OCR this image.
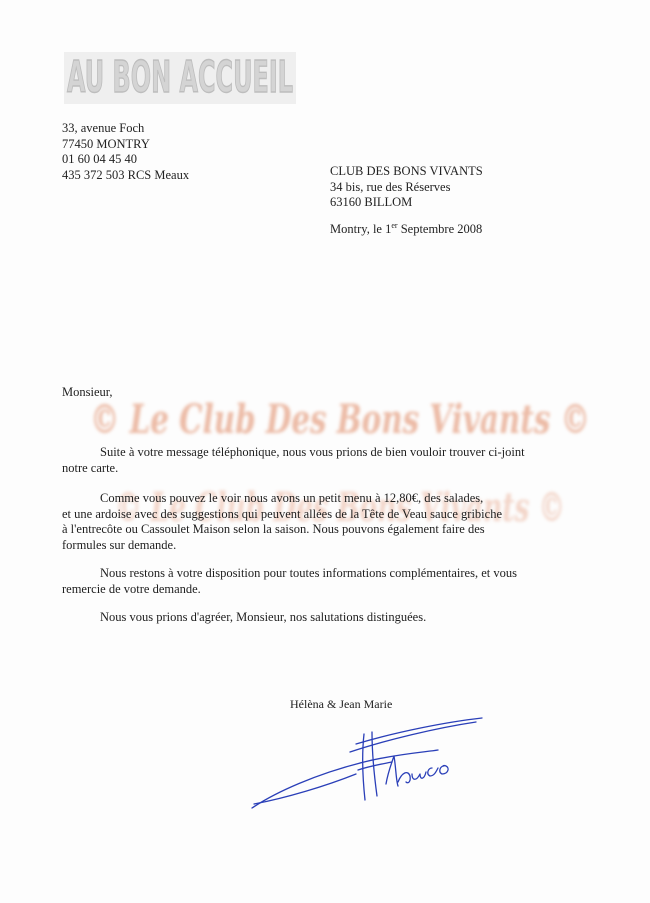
AU BON ACCUEIL
33, avenue Foch
77450 MONTRY
01 60 04 45 40
435 372 503 RCS Meaux	CLUB DES BONS VIVANTS
34 bis, rue des Réserves
63160 BILLOM
Montry, le 1er Septembre 2008
© Le Club Des Bons Vivants ©
© Le Club Des Bons Vivants ©
Monsieur,
Suite à votre message téléphonique, nous vous prions de bien vouloir trouver ci-joint
notre carte.
Comme vous pouvez le voir nous avons un petit menu à 12,80€, des salades,
et une ardoise avec des suggestions qui peuvent allées de la Tête de Veau sauce gribiche
à l'entrecôte ou Cassoulet Maison selon la saison. Nous pouvons également faire des
formules sur demande.
Nous restons à votre disposition pour toutes informations complémentaires, et vous
remercie de votre demande.
Nous vous prions d'agréer, Monsieur, nos salutations distinguées.
Hélèna & Jean Marie
